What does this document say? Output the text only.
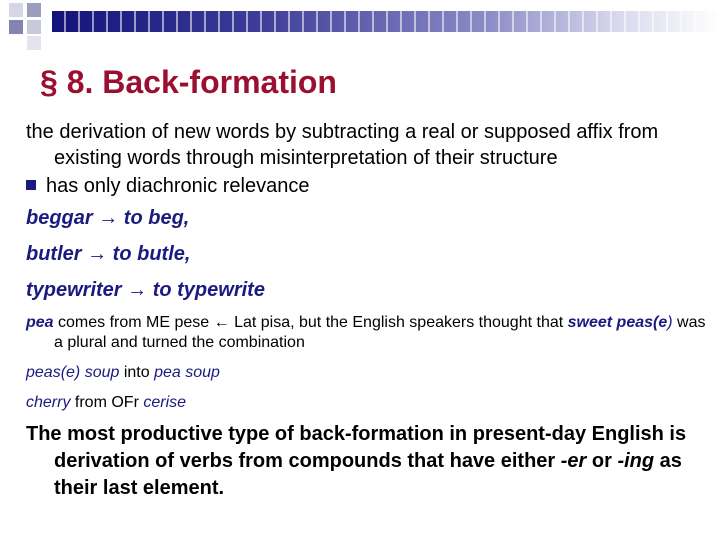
§ 8. Back-formation

the derivation of new words by subtracting a real or supposed affix from existing words through misinterpretation of their structure

has only diachronic relevance

beggar → to beg,

butler → to butle,

typewriter → to typewrite

pea comes from ME pese ← Lat pisa, but the English speakers thought that sweet peas(e) was a plural and turned the combination

peas(e) soup into pea soup

cherry from OFr cerise

The most productive type of back-formation in present-day English is derivation of verbs from compounds that have either -er or -ing as their last element.
